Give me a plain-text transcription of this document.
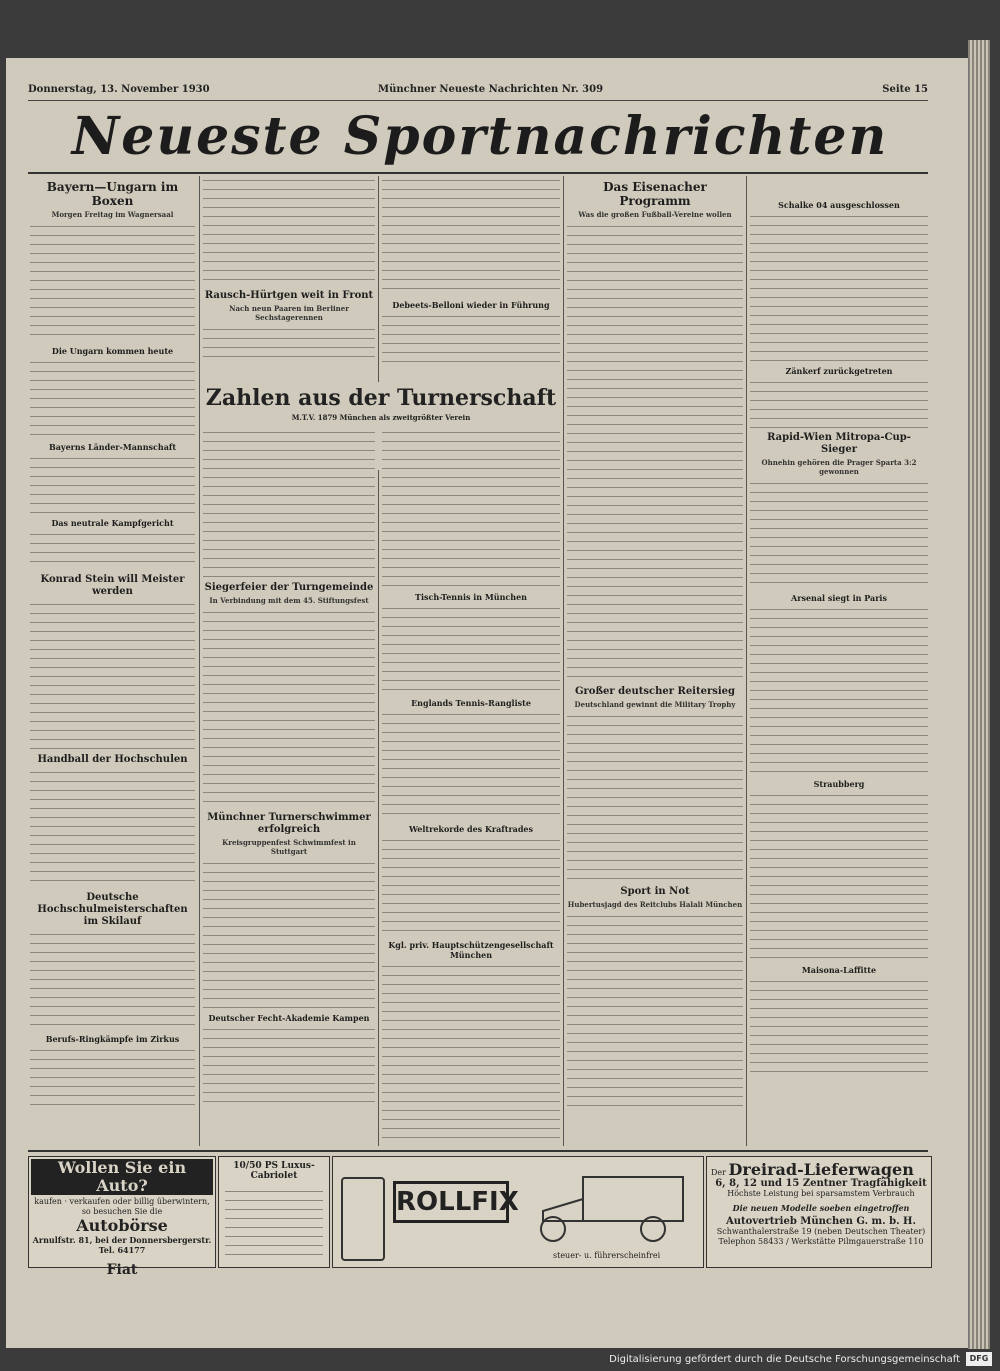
Donnerstag, 13. November 1930	Münchner Neueste Nachrichten Nr. 309	Seite 15
Neueste Sportnachrichten
Bayern—Ungarn im Boxen
Morgen Freitag im Wagnersaal
Die Ungarn kommen heute
Bayerns Länder-Mannschaft
Das neutrale Kampfgericht
Konrad Stein will Meister werden
Handball der Hochschulen
Deutsche Hochschulmeisterschaften im Skilauf
Berufs-Ringkämpfe im Zirkus
Rausch-Hürtgen weit in Front
Nach neun Paaren im Berliner Sechstagerennen
Debeets-Belloni wieder in Führung
Zahlen aus der Turnerschaft
M.T.V. 1879 München als zweitgrößter Verein
Siegerfeier der Turngemeinde
In Verbindung mit dem 45. Stiftungsfest
Münchner Turnerschwimmer erfolgreich
Kreisgruppenfest Schwimmfest in Stuttgart
Deutscher Fecht-Akademie Kampen
Tisch-Tennis in München
Englands Tennis-Rangliste
Weltrekorde des Kraftrades
Kgl. priv. Hauptschützengesellschaft München
Das Eisenacher Programm
Was die großen Fußball-Vereine wollen
Großer deutscher Reitersieg
Deutschland gewinnt die Military Trophy
Sport in Not
Hubertusjagd des Reitclubs Halali München
Schalke 04 ausgeschlossen
Zänkerf zurückgetreten
Rapid-Wien Mitropa-Cup-Sieger
Ohnehin gehören die Prager Sparta 3:2 gewonnen
Arsenal siegt in Paris
Straubberg
Maisona-Laffitte
Wollen Sie ein Auto?
kaufen · verkaufen oder billig überwintern, so besuchen Sie die
Autobörse
Arnulfstr. 81, bei der Donnersbergerstr. Tel. 64177
Fiat
10/50 PS Luxus-Cabriolet
ROLLFIX
steuer- u. führerscheinfrei
Der Dreirad-Lieferwagen
6, 8, 12 und 15 Zentner Tragfähigkeit
Höchste Leistung bei sparsamstem Verbrauch
Die neuen Modelle soeben eingetroffen
Autovertrieb München G. m. b. H.
Schwanthalerstraße 19 (neben Deutschen Theater)
Telephon 58433 / Werkstätte Pilmgauerstraße 110
Digitalisierung gefördert durch die Deutsche Forschungsgemeinschaft	DFG
